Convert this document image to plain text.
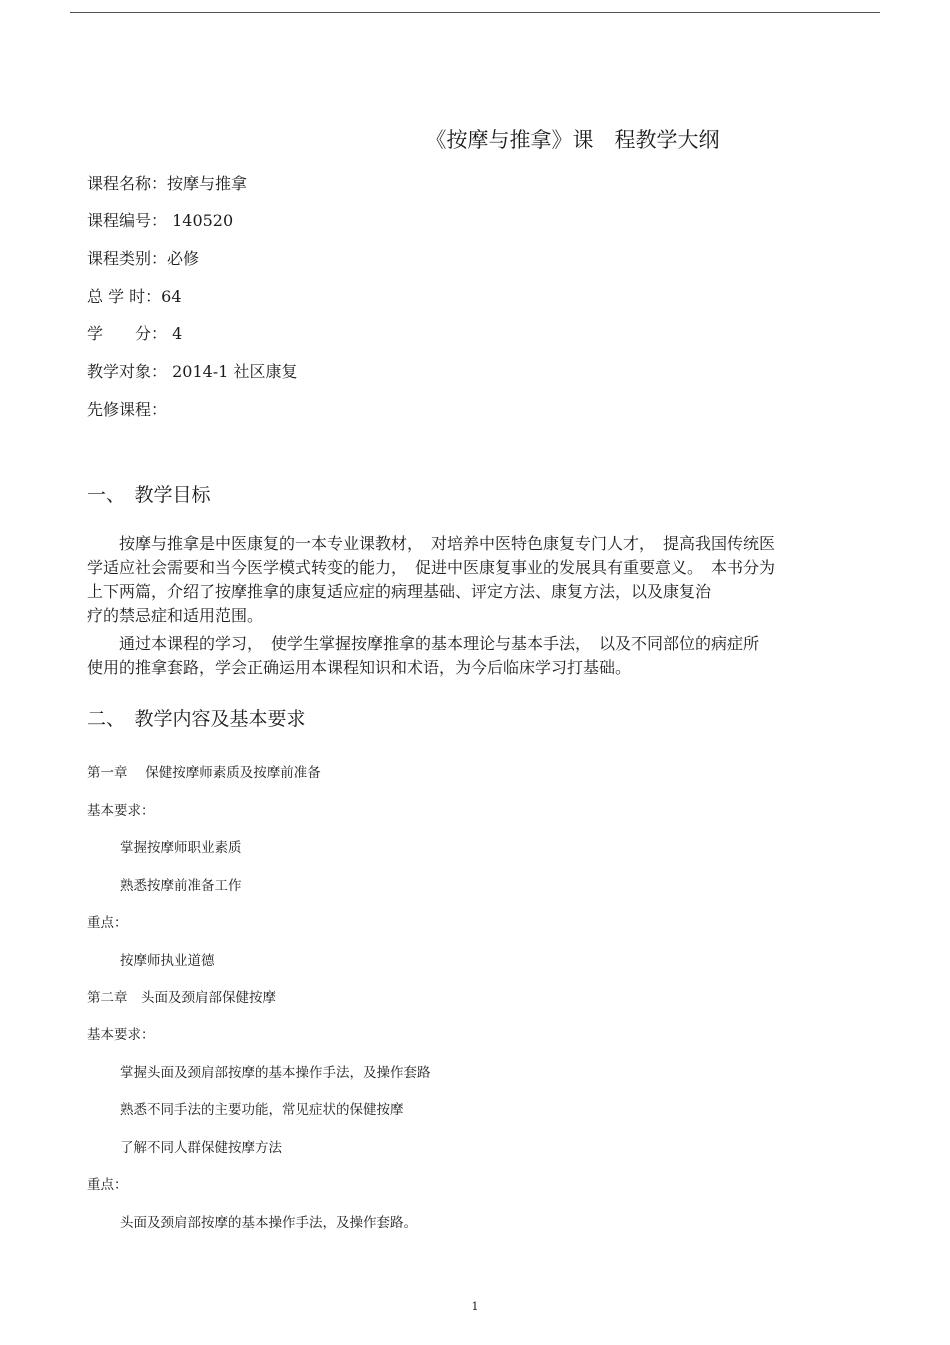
《按摩与推拿》课　程教学大纲
课程名称：按摩与推拿
课程编号： 140520
课程类别：必修
总 学 时：64
学　　分： 4
教学对象： 2014-1 社区康复
先修课程：
一、　教学目标
　　按摩与推拿是中医康复的一本专业课教材，　对培养中医特色康复专门人才，　提高我国传统医
学适应社会需要和当今医学模式转变的能力，　促进中医康复事业的发展具有重要意义。　本书分为
上下两篇，介绍了按摩推拿的康复适应症的病理基础、评定方法、康复方法，以及康复治
疗的禁忌症和适用范围。
　　通过本课程的学习，　使学生掌握按摩推拿的基本理论与基本手法，　以及不同部位的病症所
使用的推拿套路，学会正确运用本课程知识和术语，为今后临床学习打基础。
二、　教学内容及基本要求
第一章　 保健按摩师素质及按摩前准备
基本要求：
掌握按摩师职业素质
熟悉按摩前准备工作
重点：
按摩师执业道德
第二章　头面及颈肩部保健按摩
基本要求：
掌握头面及颈肩部按摩的基本操作手法，及操作套路
熟悉不同手法的主要功能，常见症状的保健按摩
了解不同人群保健按摩方法
重点：
头面及颈肩部按摩的基本操作手法，及操作套路。
1
